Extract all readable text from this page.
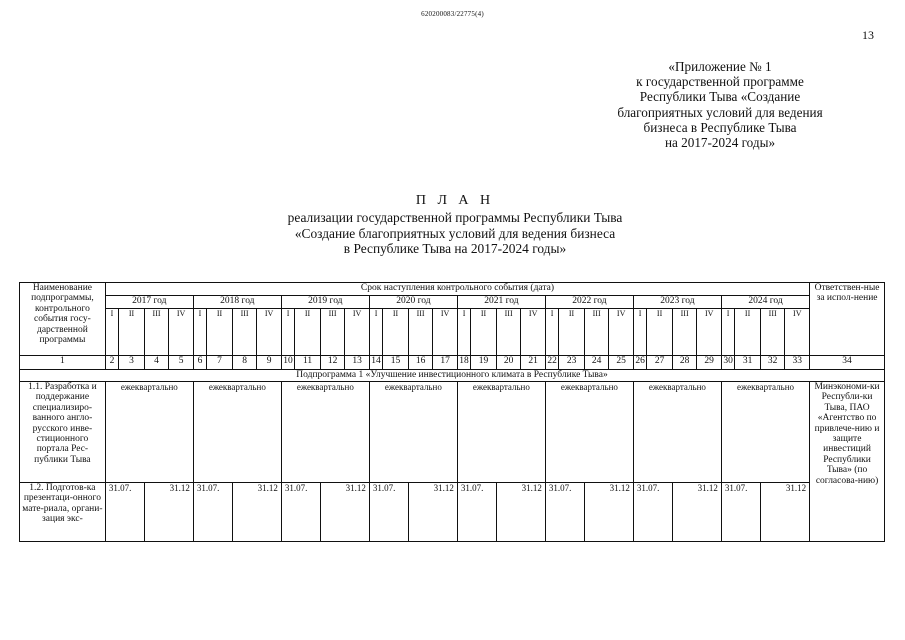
620200083/22775(4)
13
«Приложение № 1
к государственной программе
Республики Тыва «Создание
благоприятных условий для ведения
бизнеса в Республике Тыва
на 2017-2024 годы»
П Л А Н
реализации государственной программы Республики Тыва
«Создание благоприятных условий для ведения бизнеса
в Республике Тыва на 2017-2024 годы»
Наименование подпрограммы, контрольного события госу-дарственной программы	Срок наступления контрольного события (дата)																																Ответствен-ные за испол-нение
	2017 год				2018 год				2019 год				2020 год				2021 год				2022 год				2023 год				2024 год				
	I	II	III	IV	I	II	III	IV	I	II	III	IV	I	II	III	IV	I	II	III	IV	I	II	III	IV	I	II	III	IV	I	II	III	IV	
1	2	3	4	5	6	7	8	9	10	11	12	13	14	15	16	17	18	19	20	21	22	23	24	25	26	27	28	29	30	31	32	33	34
Подпрограмма 1 «Улучшение инвестиционного климата в Республике Тыва»																																	
1.1. Разработка и поддержание специализиро-ванного англо-русского инве-стиционного портала Рес-публики Тыва	ежеквартально				ежеквартально				ежеквартально				ежеквартально				ежеквартально				ежеквартально				ежеквартально				ежеквартально				Минэкономи-ки Республи-ки Тыва, ПАО «Агентство по привлече-нию и защите инвестиций Республики Тыва» (по согласова-нию)
1.2. Подготов-ка презентаци-онного мате-риала, органи-зация экс-	31.07.		31.12		31.07.		31.12		31.07.		31.12		31.07.		31.12		31.07.		31.12		31.07.		31.12		31.07.		31.12		31.07.		31.12		
